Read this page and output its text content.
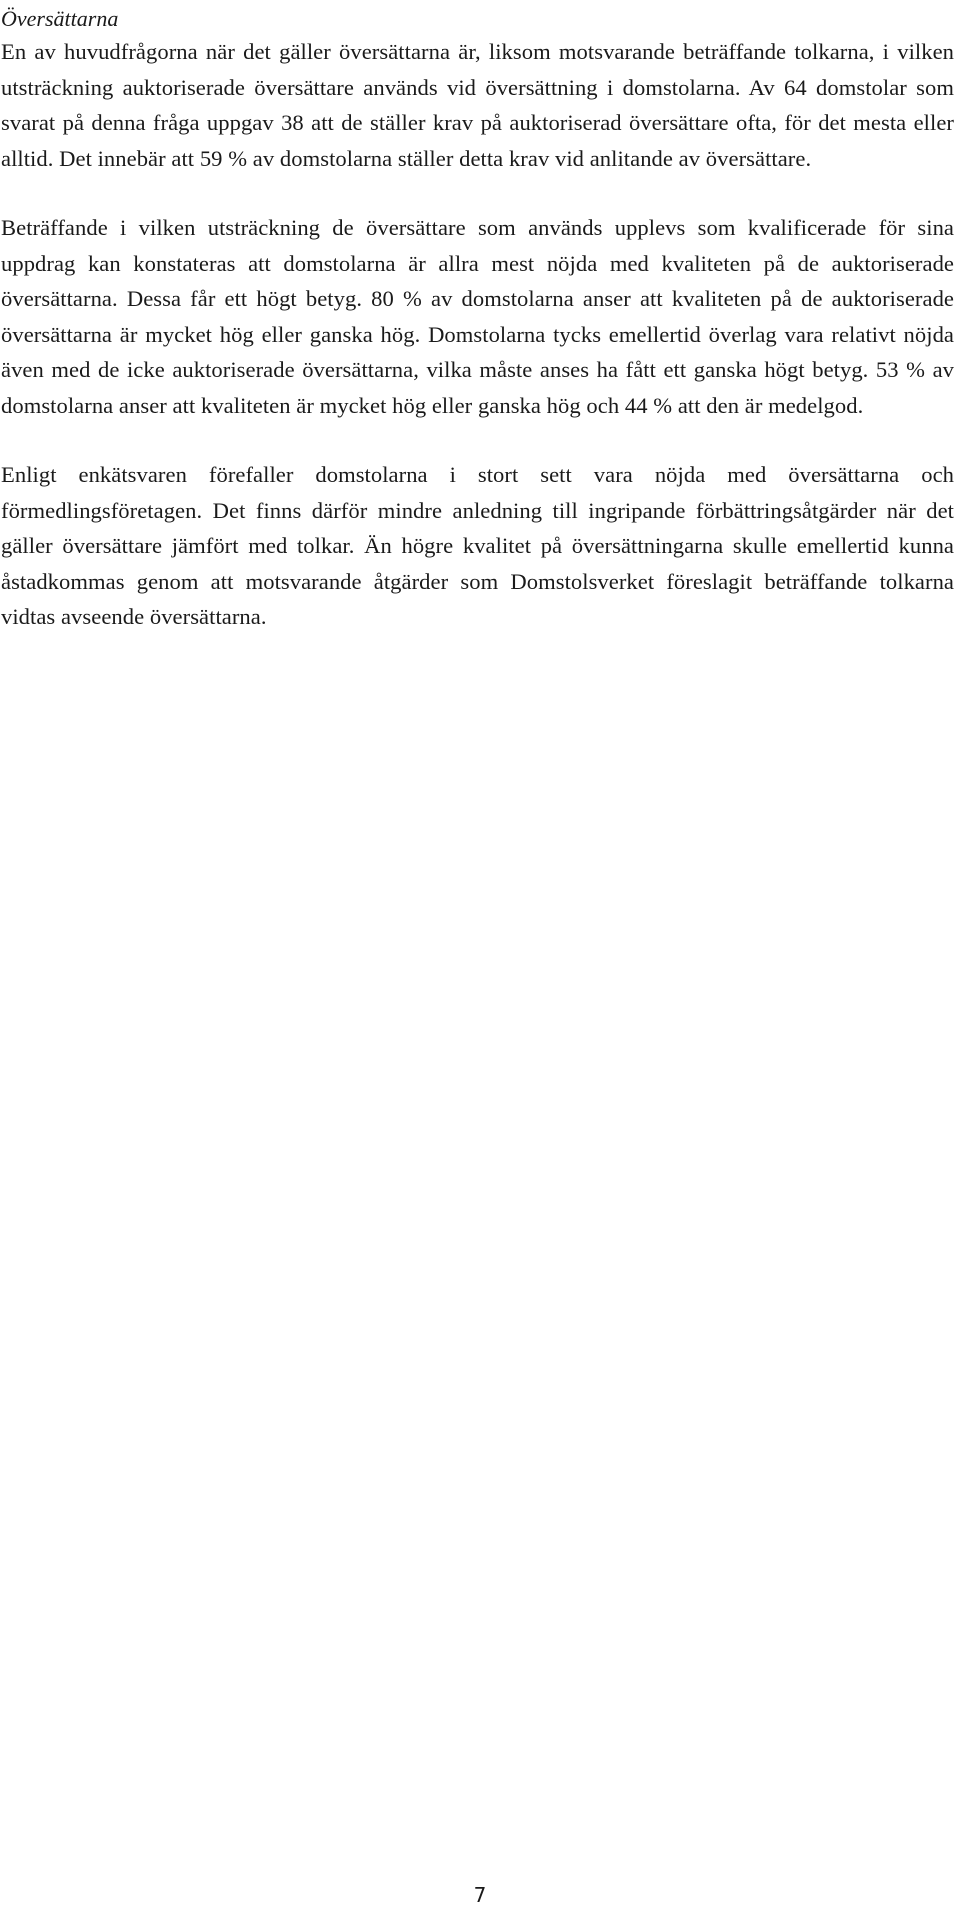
Översättarna

En av huvudfrågorna när det gäller översättarna är, liksom motsvarande beträffande tolkarna, i vilken utsträckning auktoriserade översättare används vid översättning i domstolarna. Av 64 domstolar som svarat på denna fråga uppgav 38 att de ställer krav på auktoriserad översättare ofta, för det mesta eller alltid. Det innebär att 59 % av domstolarna ställer detta krav vid anlitande av översättare.

Beträffande i vilken utsträckning de översättare som används upplevs som kvalificerade för sina uppdrag kan konstateras att domstolarna är allra mest nöjda med kvaliteten på de auktoriserade översättarna. Dessa får ett högt betyg. 80 % av domstolarna anser att kvaliteten på de auktoriserade översättarna är mycket hög eller ganska hög. Domstolarna tycks emellertid överlag vara relativt nöjda även med de icke auktoriserade översättarna, vilka måste anses ha fått ett ganska högt betyg. 53 % av domstolarna anser att kvaliteten är mycket hög eller ganska hög och 44 % att den är medelgod.

Enligt enkätsvaren förefaller domstolarna i stort sett vara nöjda med översättarna och förmedlingsföretagen. Det finns därför mindre anledning till ingripande förbättringsåtgärder när det gäller översättare jämfört med tolkar. Än högre kvalitet på översättningarna skulle emellertid kunna åstadkommas genom att motsvarande åtgärder som Domstolsverket föreslagit beträffande tolkarna vidtas avseende översättarna.

7
